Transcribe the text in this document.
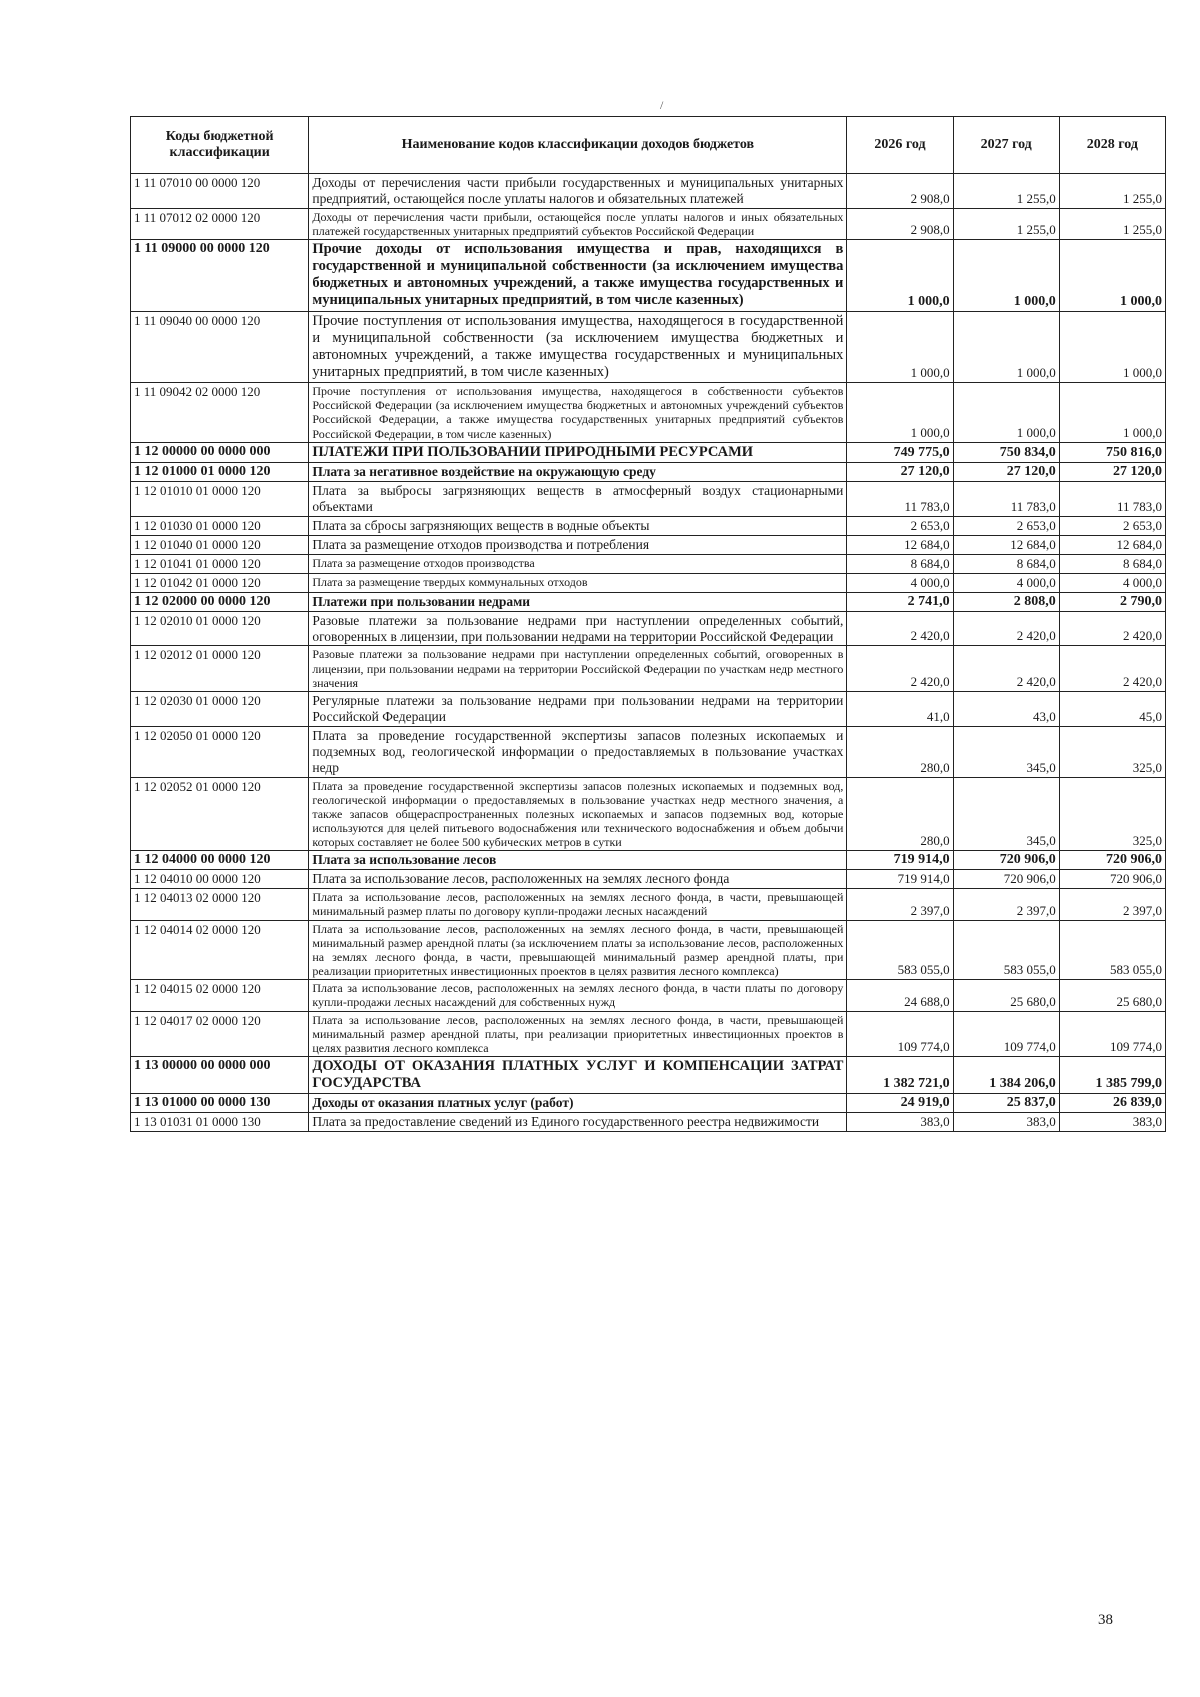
/
Коды бюджетной классификации	Наименование кодов классификации доходов бюджетов	2026 год	2027 год	2028 год
1 11 07010 00 0000 120	Доходы от перечисления части прибыли государственных и муниципальных унитарных предприятий, остающейся после уплаты налогов и обязательных платежей	2 908,0	1 255,0	1 255,0
1 11 07012 02 0000 120	Доходы от перечисления части прибыли, остающейся после уплаты налогов и иных обязательных платежей государственных унитарных предприятий субъектов Российской Федерации	2 908,0	1 255,0	1 255,0
1 11 09000 00 0000 120	Прочие доходы от использования имущества и прав, находящихся в государственной и муниципальной собственности (за исключением имущества бюджетных и автономных учреждений, а также имущества государственных и муниципальных унитарных предприятий, в том числе казенных)	1 000,0	1 000,0	1 000,0
1 11 09040 00 0000 120	Прочие поступления от использования имущества, находящегося в государственной и муниципальной собственности (за исключением имущества бюджетных и автономных учреждений, а также имущества государственных и муниципальных унитарных предприятий, в том числе казенных)	1 000,0	1 000,0	1 000,0
1 11 09042 02 0000 120	Прочие поступления от использования имущества, находящегося в собственности субъектов Российской Федерации (за исключением имущества бюджетных и автономных учреждений субъектов Российской Федерации, а также имущества государственных унитарных предприятий субъектов Российской Федерации, в том числе казенных)	1 000,0	1 000,0	1 000,0
1 12 00000 00 0000 000	ПЛАТЕЖИ ПРИ ПОЛЬЗОВАНИИ ПРИРОДНЫМИ РЕСУРСАМИ	749 775,0	750 834,0	750 816,0
1 12 01000 01 0000 120	Плата за негативное воздействие на окружающую среду	27 120,0	27 120,0	27 120,0
1 12 01010 01 0000 120	Плата за выбросы загрязняющих веществ в атмосферный воздух стационарными объектами	11 783,0	11 783,0	11 783,0
1 12 01030 01 0000 120	Плата за сбросы загрязняющих веществ в водные объекты	2 653,0	2 653,0	2 653,0
1 12 01040 01 0000 120	Плата за размещение отходов производства и потребления	12 684,0	12 684,0	12 684,0
1 12 01041 01 0000 120	Плата за размещение отходов производства	8 684,0	8 684,0	8 684,0
1 12 01042 01 0000 120	Плата за размещение твердых коммунальных отходов	4 000,0	4 000,0	4 000,0
1 12 02000 00 0000 120	Платежи при пользовании недрами	2 741,0	2 808,0	2 790,0
1 12 02010 01 0000 120	Разовые платежи за пользование недрами при наступлении определенных событий, оговоренных в лицензии, при пользовании недрами на территории Российской Федерации	2 420,0	2 420,0	2 420,0
1 12 02012 01 0000 120	Разовые платежи за пользование недрами при наступлении определенных событий, оговоренных в лицензии, при пользовании недрами на территории Российской Федерации по участкам недр местного значения	2 420,0	2 420,0	2 420,0
1 12 02030 01 0000 120	Регулярные платежи за пользование недрами при пользовании недрами на территории Российской Федерации	41,0	43,0	45,0
1 12 02050 01 0000 120	Плата за проведение государственной экспертизы запасов полезных ископаемых и подземных вод, геологической информации о предоставляемых в пользование участках недр	280,0	345,0	325,0
1 12 02052 01 0000 120	Плата за проведение государственной экспертизы запасов полезных ископаемых и подземных вод, геологической информации о предоставляемых в пользование участках недр местного значения, а также запасов общераспространенных полезных ископаемых и запасов подземных вод, которые используются для целей питьевого водоснабжения или технического водоснабжения и объем добычи которых составляет не более 500 кубических метров в сутки	280,0	345,0	325,0
1 12 04000 00 0000 120	Плата за использование лесов	719 914,0	720 906,0	720 906,0
1 12 04010 00 0000 120	Плата за использование лесов, расположенных на землях лесного фонда	719 914,0	720 906,0	720 906,0
1 12 04013 02 0000 120	Плата за использование лесов, расположенных на землях лесного фонда, в части, превышающей минимальный размер платы по договору купли-продажи лесных насаждений	2 397,0	2 397,0	2 397,0
1 12 04014 02 0000 120	Плата за использование лесов, расположенных на землях лесного фонда, в части, превышающей минимальный размер арендной платы (за исключением платы за использование лесов, расположенных на землях лесного фонда, в части, превышающей минимальный размер арендной платы, при реализации приоритетных инвестиционных проектов в целях развития лесного комплекса)	583 055,0	583 055,0	583 055,0
1 12 04015 02 0000 120	Плата за использование лесов, расположенных на землях лесного фонда, в части платы по договору купли-продажи лесных насаждений для собственных нужд	24 688,0	25 680,0	25 680,0
1 12 04017 02 0000 120	Плата за использование лесов, расположенных на землях лесного фонда, в части, превышающей минимальный размер арендной платы, при реализации приоритетных инвестиционных проектов в целях развития лесного комплекса	109 774,0	109 774,0	109 774,0
1 13 00000 00 0000 000	ДОХОДЫ ОТ ОКАЗАНИЯ ПЛАТНЫХ УСЛУГ И КОМПЕНСАЦИИ ЗАТРАТ ГОСУДАРСТВА	1 382 721,0	1 384 206,0	1 385 799,0
1 13 01000 00 0000 130	Доходы от оказания платных услуг (работ)	24 919,0	25 837,0	26 839,0
1 13 01031 01 0000 130	Плата за предоставление сведений из Единого государственного реестра недвижимости	383,0	383,0	383,0
38
